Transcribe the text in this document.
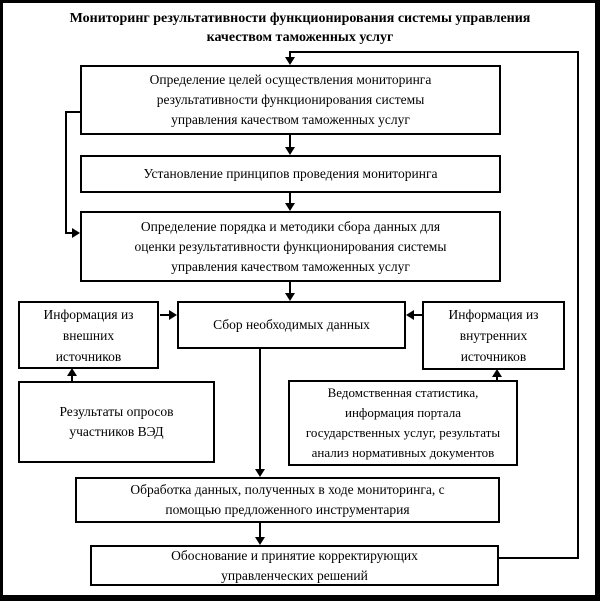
Мониторинг результативности функционирования системы управления
качеством таможенных услуг
Определение целей осуществления мониторинга
результативности функционирования системы
управления качеством таможенных услуг
Установление принципов проведения мониторинга
Определение порядка и методики сбора данных для
оценки результативности функционирования системы
управления качеством таможенных услуг
Информация из
внешних
источников
Сбор необходимых данных
Информация из
внутренних
источников
Результаты опросов
участников ВЭД
Ведомственная статистика,
информация портала
государственных услуг, результаты
анализ нормативных документов
Обработка данных, полученных в ходе мониторинга, с
помощью предложенного инструментария
Обоснование и принятие корректирующих
управленческих решений
